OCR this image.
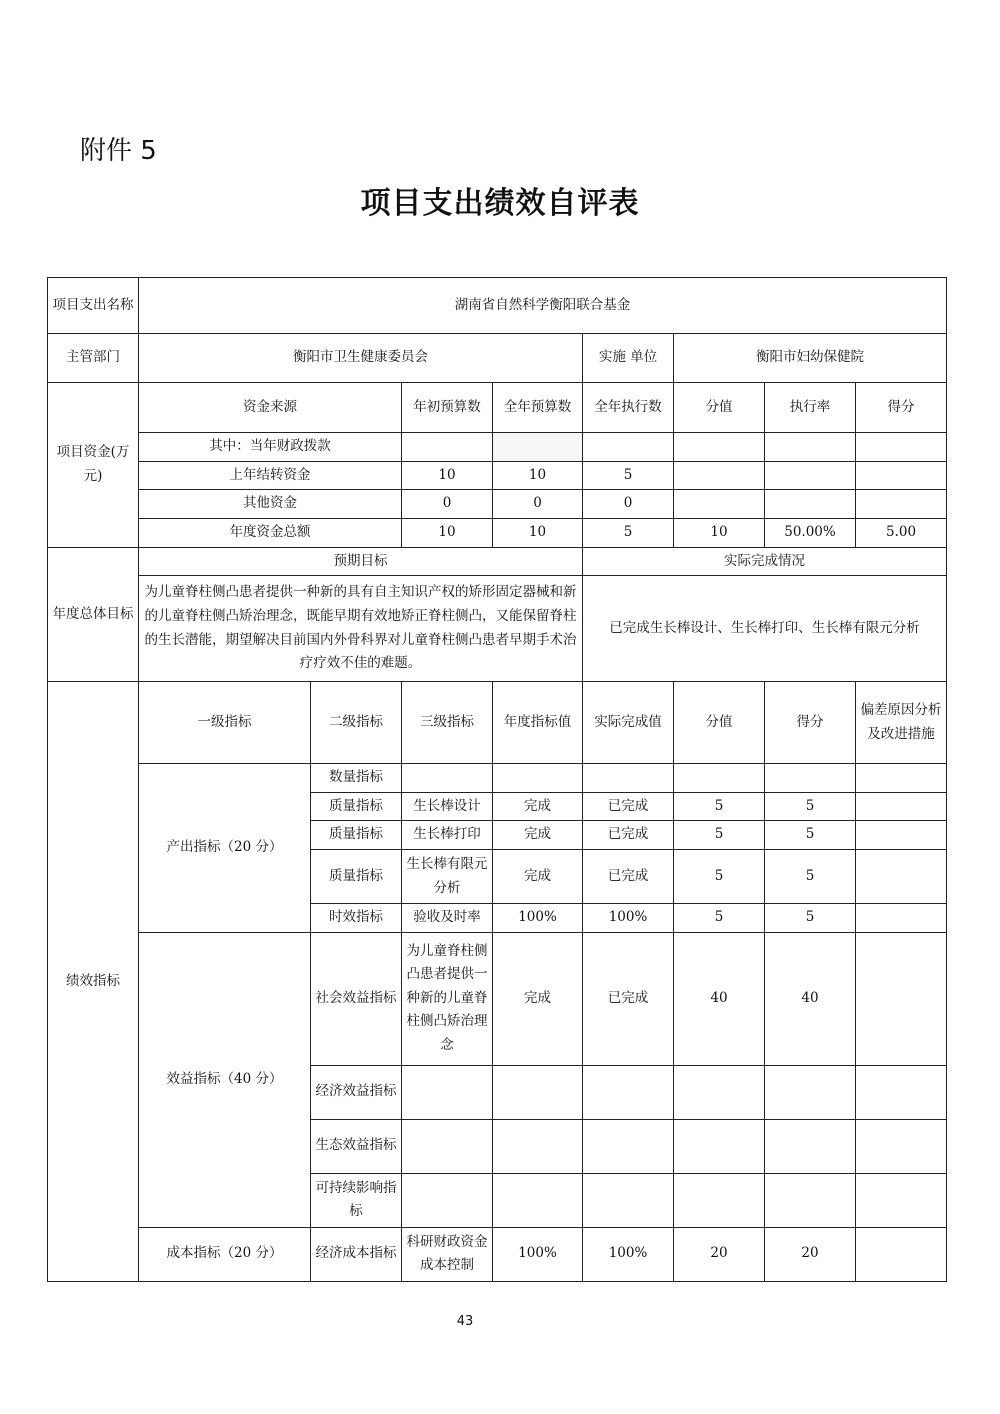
附件 5
项目支出绩效自评表
项目支出名称	湖南省自然科学衡阳联合基金							
主管部门	衡阳市卫生健康委员会				实施 单位	衡阳市妇幼保健院		
项目资金(万元)	资金来源		年初预算数	全年预算数	全年执行数	分值	执行率	得分
	其中：当年财政拨款							
	上年结转资金		10	10	5			
	其他资金		0	0	0			
	年度资金总额		10	10	5	10	50.00%	5.00
年度总体目标	预期目标				实际完成情况			
	为儿童脊柱侧凸患者提供一种新的具有自主知识产权的矫形固定器械和新的儿童脊柱侧凸矫治理念，既能早期有效地矫正脊柱侧凸，又能保留脊柱的生长潜能，期望解决目前国内外骨科界对儿童脊柱侧凸患者早期手术治疗疗效不佳的难题。				已完成生长棒设计、生长棒打印、生长棒有限元分析			
绩效指标	一级指标	二级指标	三级指标	年度指标值	实际完成值	分值	得分	偏差原因分析及改进措施
	产出指标（20 分）	数量指标						
		质量指标	生长棒设计	完成	已完成	5	5	
		质量指标	生长棒打印	完成	已完成	5	5	
		质量指标	生长棒有限元分析	完成	已完成	5	5	
		时效指标	验收及时率	100%	100%	5	5	
	效益指标（40 分）	社会效益指标	为儿童脊柱侧凸患者提供一种新的儿童脊柱侧凸矫治理念	完成	已完成	40	40	
		经济效益指标						
		生态效益指标						
		可持续影响指标						
	成本指标（20 分）	经济成本指标	科研财政资金成本控制	100%	100%	20	20	
43
